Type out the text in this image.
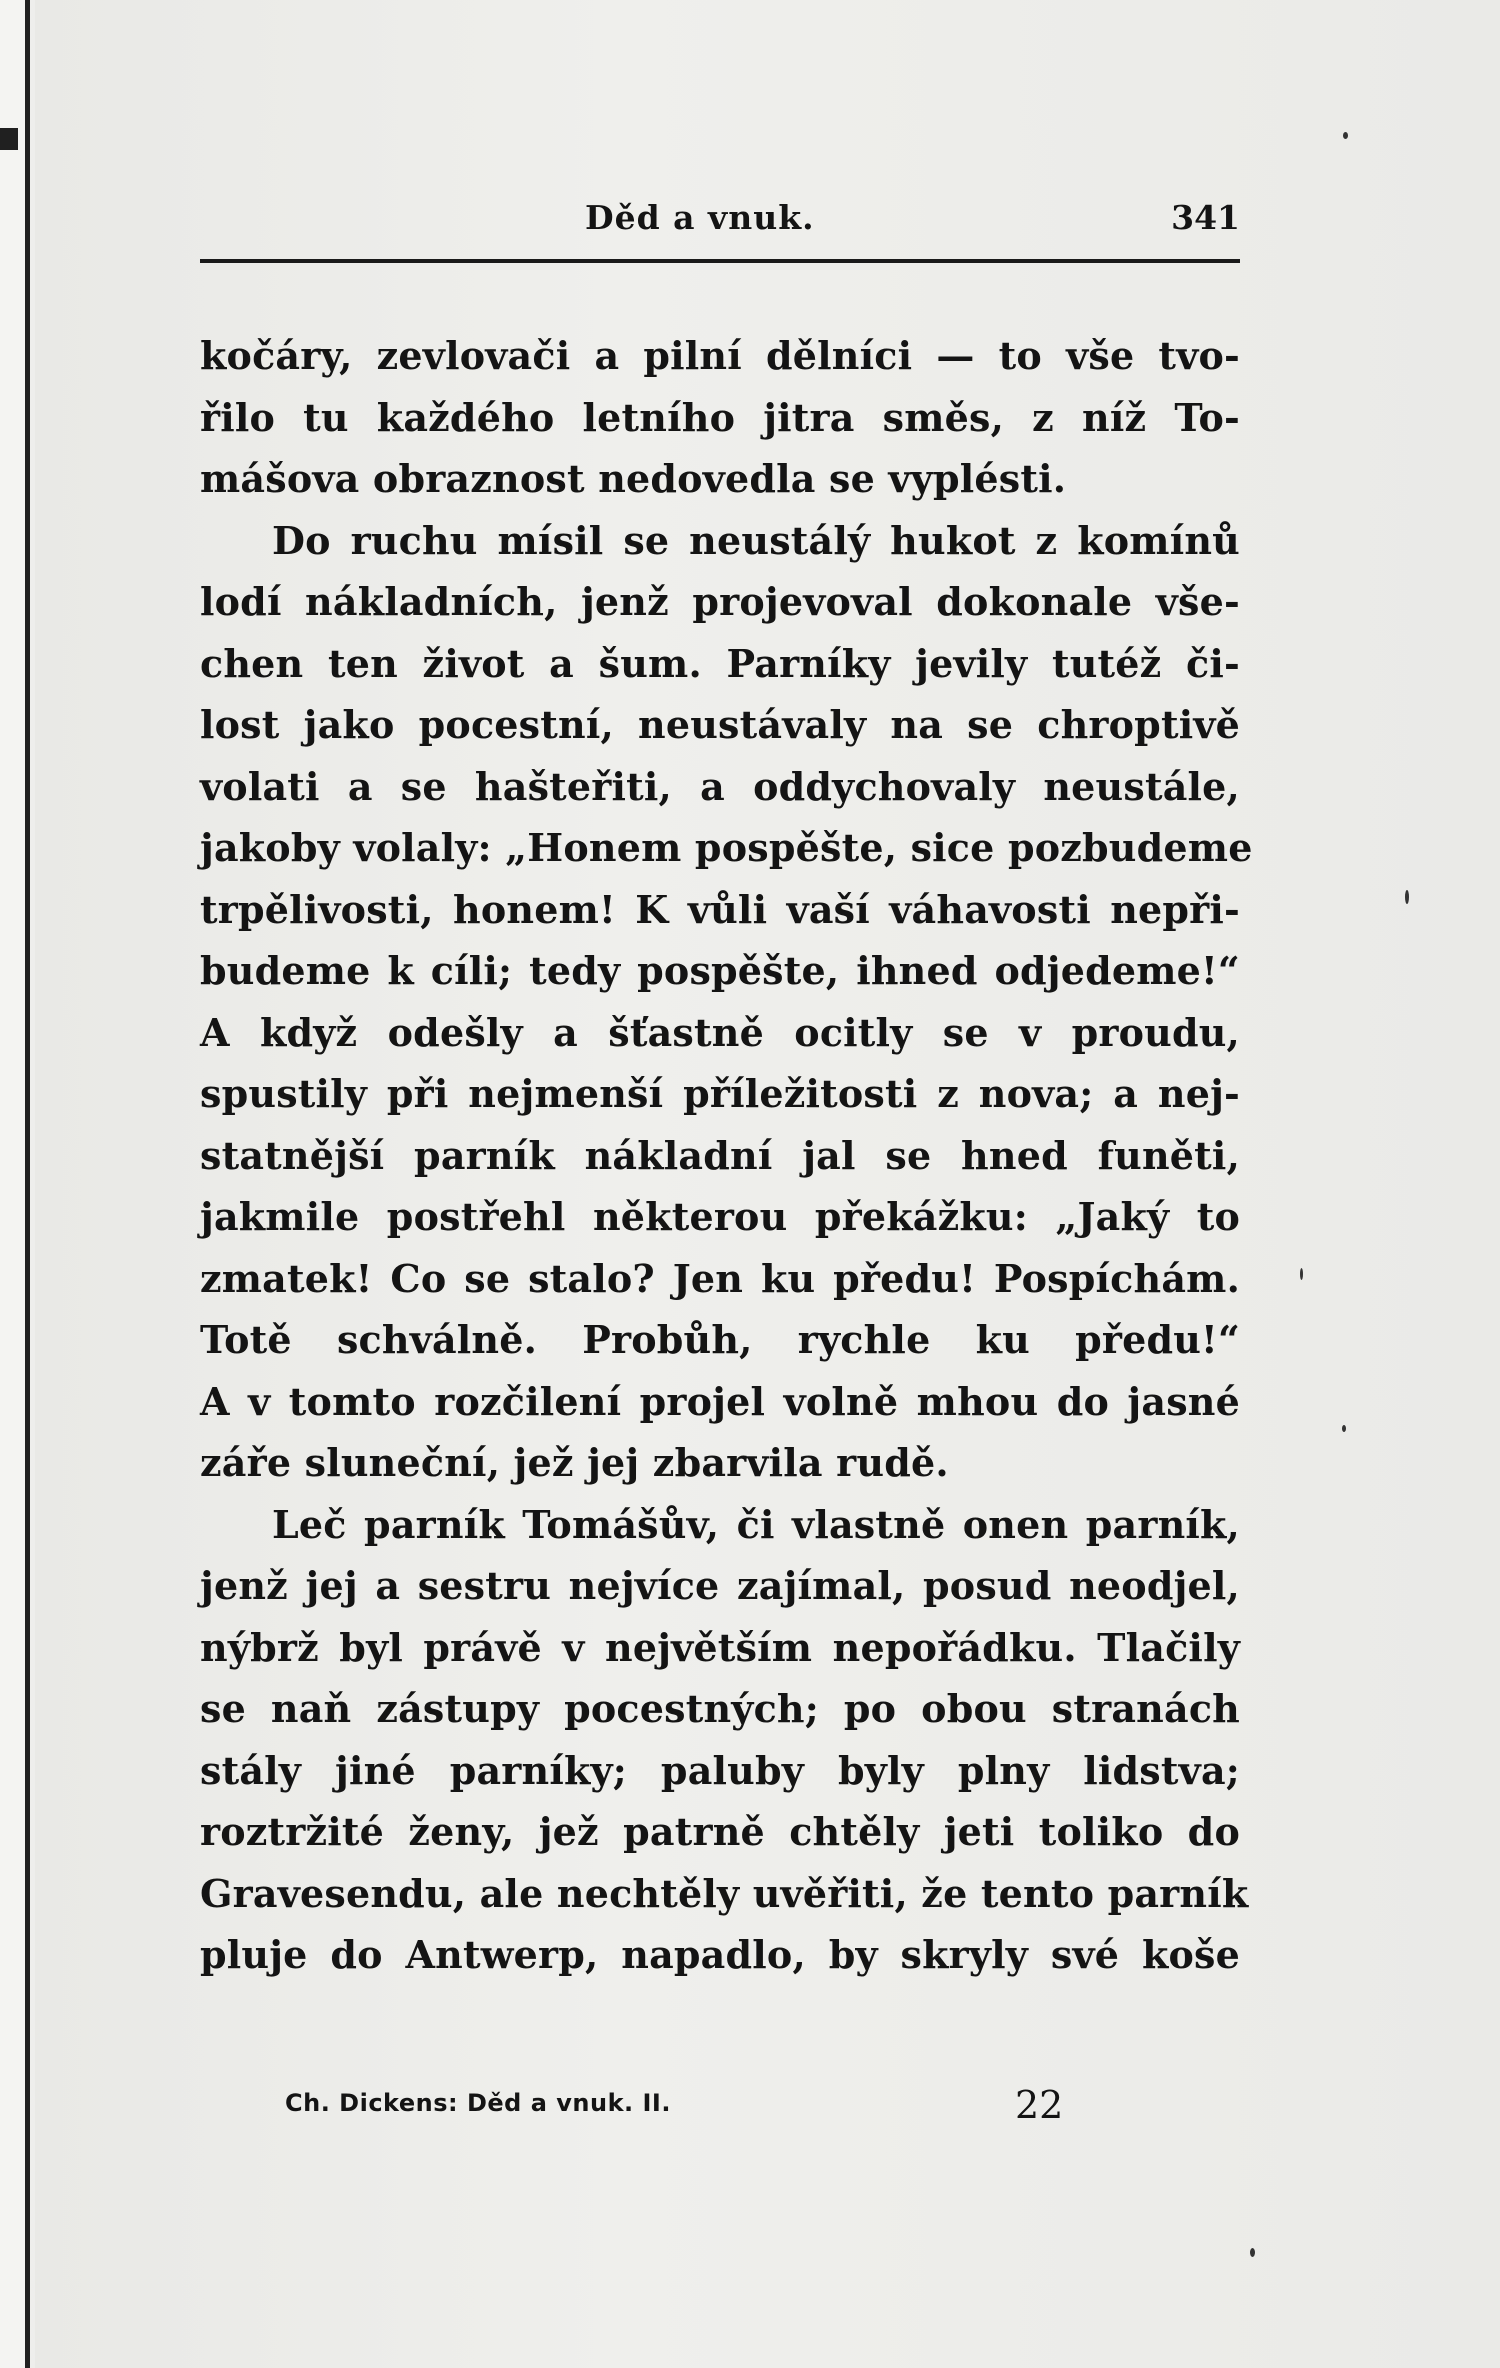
Děd a vnuk.	341
kočáry, zevlovači a pilní dělníci — to vše tvo-
řilo tu každého letního jitra směs, z níž To-
mášova obraznost nedovedla se vyplésti.
Do ruchu mísil se neustálý hukot z komínů
lodí nákladních, jenž projevoval dokonale vše-
chen ten život a šum. Parníky jevily tutéž či-
lost jako pocestní, neustávaly na se chroptivě
volati a se hašteřiti, a oddychovaly neustále,
jakoby volaly: „Honem pospěšte, sice pozbudeme
trpělivosti, honem! K vůli vaší váhavosti nepři-
budeme k cíli; tedy pospěšte, ihned odjedeme!“
A když odešly a šťastně ocitly se v proudu,
spustily při nejmenší příležitosti z nova; a nej-
statnější parník nákladní jal se hned funěti,
jakmile postřehl některou překážku: „Jaký to
zmatek! Co se stalo? Jen ku předu! Pospíchám.
Totě schválně. Probůh, rychle ku předu!“
A v tomto rozčilení projel volně mhou do jasné
záře sluneční, jež jej zbarvila rudě.
Leč parník Tomášův, či vlastně onen parník,
jenž jej a sestru nejvíce zajímal, posud neodjel,
nýbrž byl právě v největším nepořádku. Tlačily
se naň zástupy pocestných; po obou stranách
stály jiné parníky; paluby byly plny lidstva;
roztržité ženy, jež patrně chtěly jeti toliko do
Gravesendu, ale nechtěly uvěřiti, že tento parník
pluje do Antwerp, napadlo, by skryly své koše
Ch. Dickens: Děd a vnuk. II.	22
